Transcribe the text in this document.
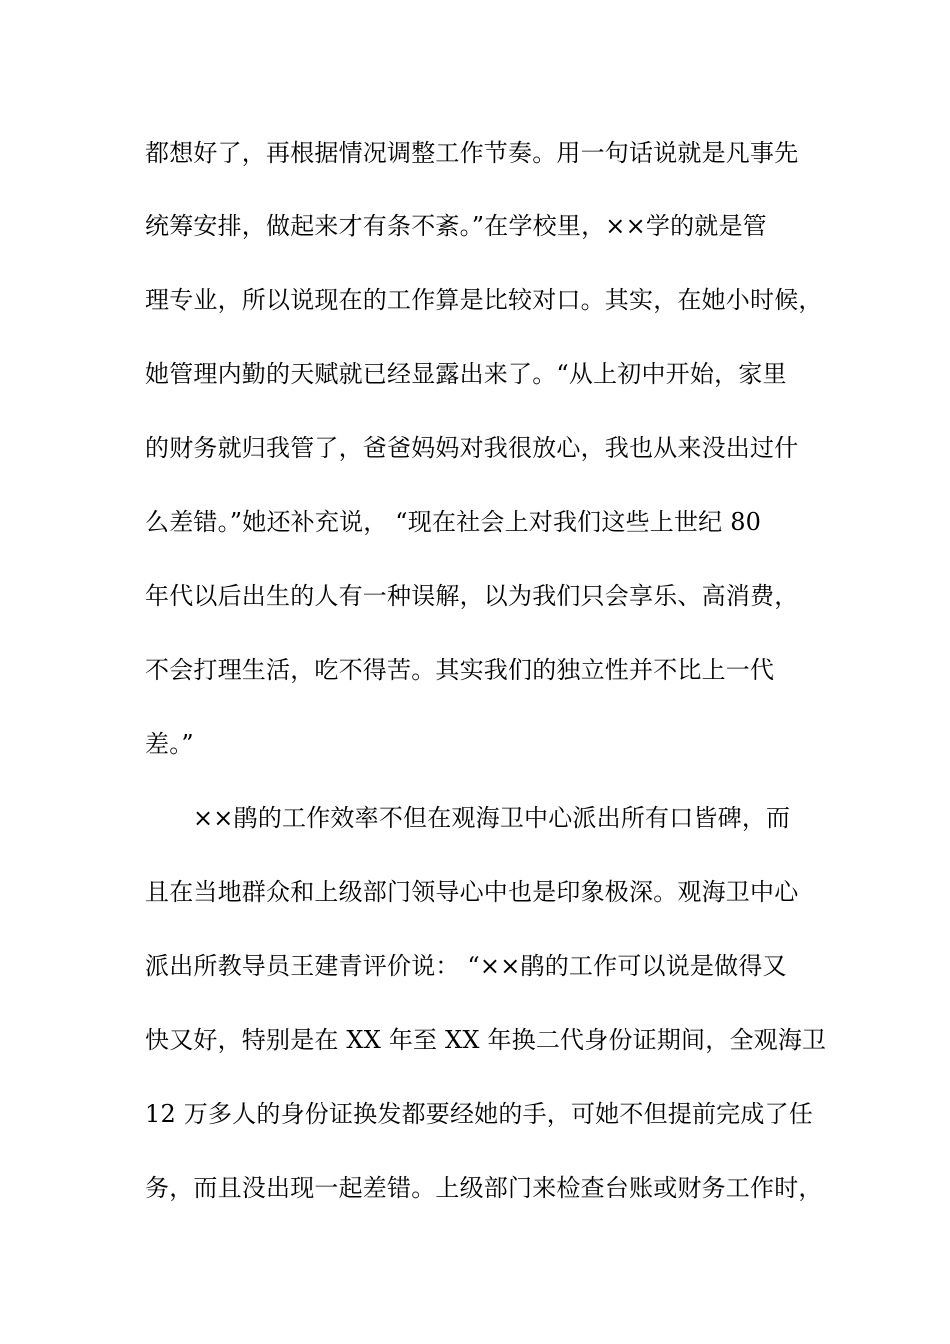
都想好了，再根据情况调整工作节奏。用一句话说就是凡事先
统筹安排，做起来才有条不紊。”在学校里，××学的就是管
理专业，所以说现在的工作算是比较对口。其实，在她小时候，
她管理内勤的天赋就已经显露出来了。“从上初中开始，家里
的财务就归我管了，爸爸妈妈对我很放心，我也从来没出过什
么差错。”她还补充说， “现在社会上对我们这些上世纪 80
年代以后出生的人有一种误解，以为我们只会享乐、高消费，
不会打理生活，吃不得苦。其实我们的独立性并不比上一代
差。”
××鹃的工作效率不但在观海卫中心派出所有口皆碑，而
且在当地群众和上级部门领导心中也是印象极深。观海卫中心
派出所教导员王建青评价说： “××鹃的工作可以说是做得又
快又好，特别是在 XX 年至 XX 年换二代身份证期间，全观海卫
12 万多人的身份证换发都要经她的手，可她不但提前完成了任
务，而且没出现一起差错。上级部门来检查台账或财务工作时，
